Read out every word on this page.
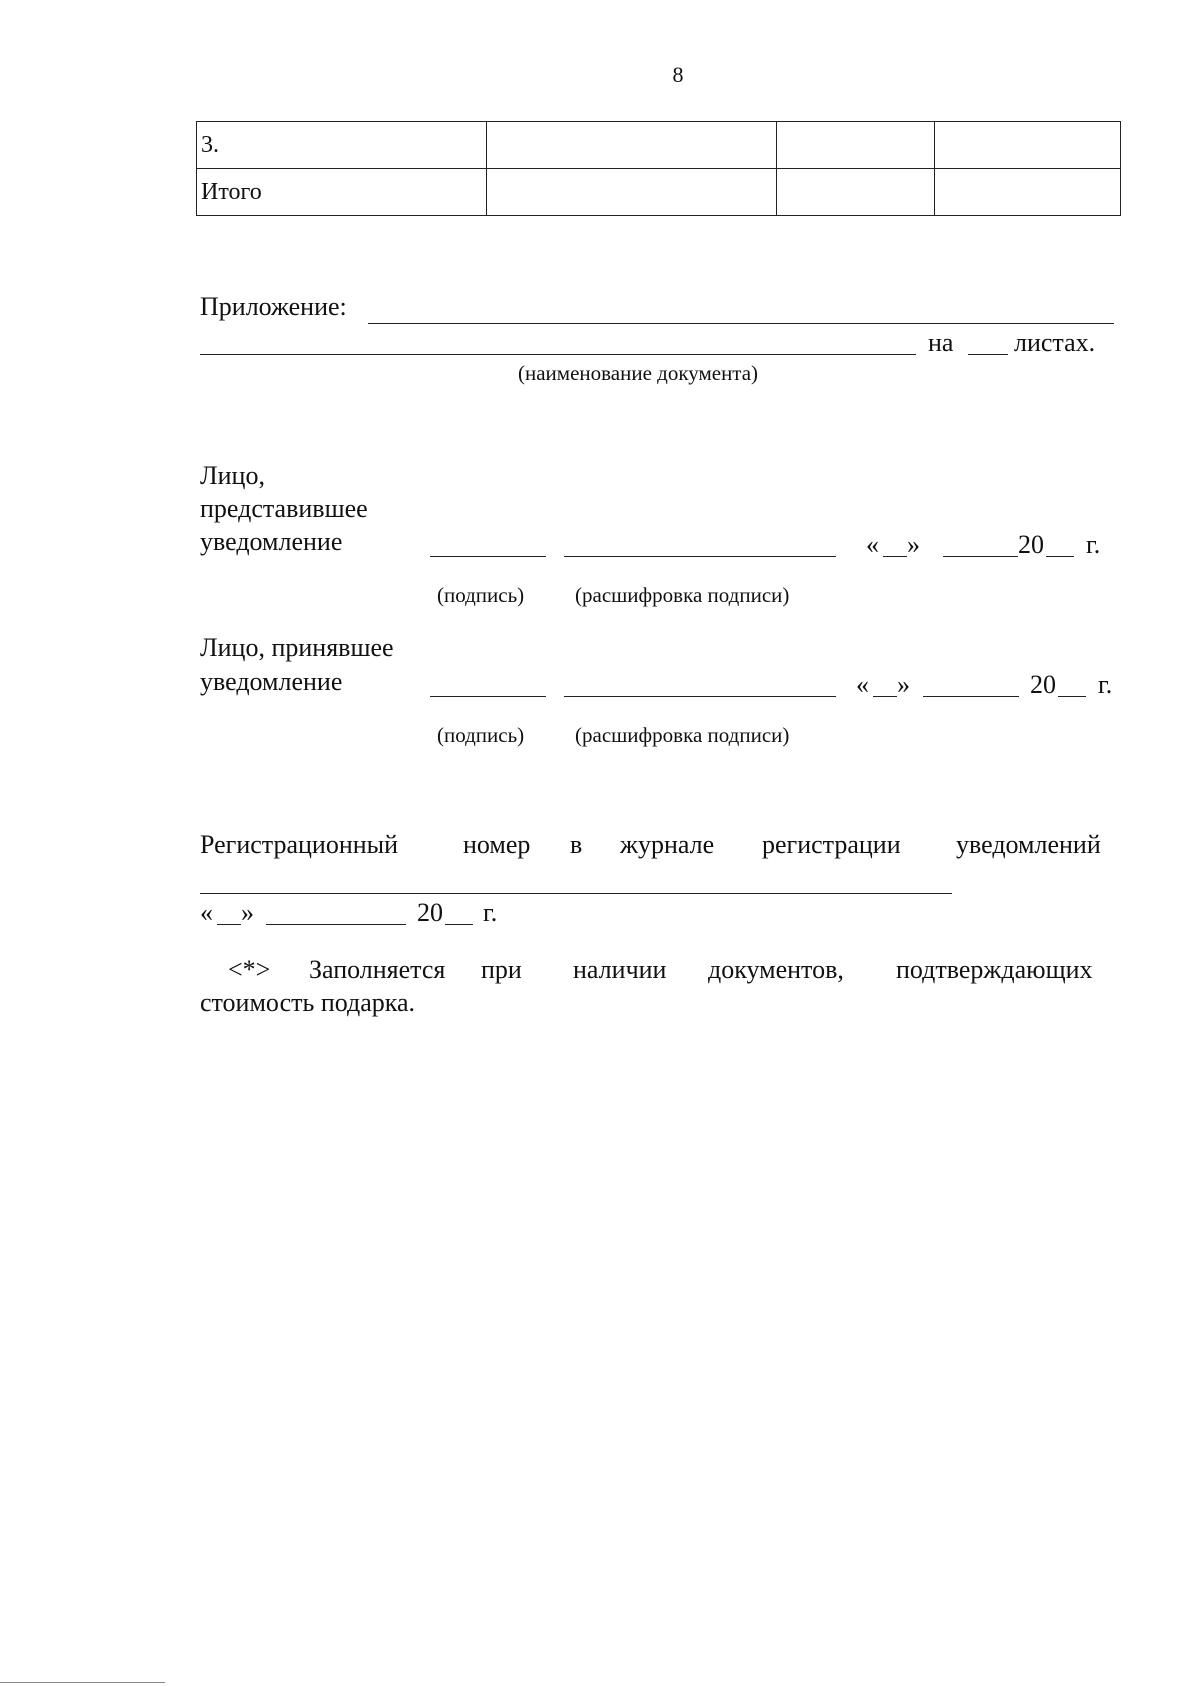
8
3.			
Итого			
Приложение:
на листах.
(наименование документа)
Лицо,
представившее
уведомление	« »	20 г.
(подпись) (расшифровка подписи)
Лицо, принявшее
уведомление	« »	20 г.
(подпись) (расшифровка подписи)
Регистрационный номер в журнале регистрации уведомлений
« »	20 г.
<*> Заполняется при наличии документов, подтверждающих
стоимость подарка.
